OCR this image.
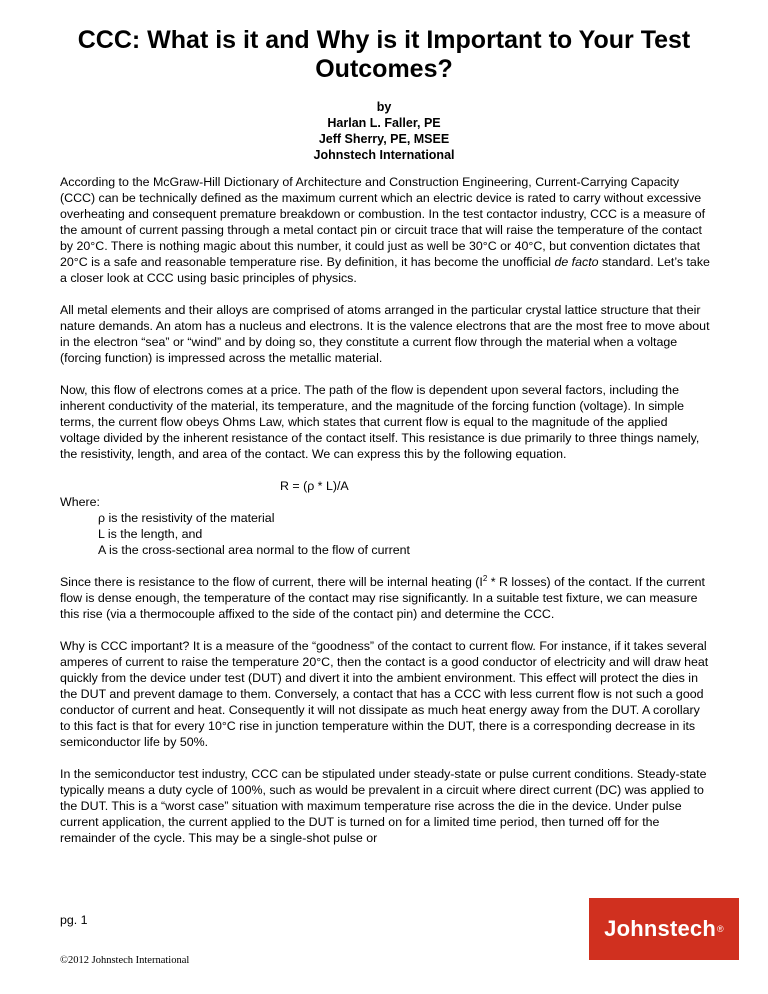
CCC: What is it and Why is it Important to Your Test Outcomes?
by
Harlan L. Faller, PE
Jeff Sherry, PE, MSEE
Johnstech International

According to the McGraw-Hill Dictionary of Architecture and Construction Engineering, Current-Carrying Capacity (CCC) can be technically defined as the maximum current which an electric device is rated to carry without excessive overheating and consequent premature breakdown or combustion. In the test contactor industry, CCC is a measure of the amount of current passing through a metal contact pin or circuit trace that will raise the temperature of the contact by 20°C. There is nothing magic about this number, it could just as well be 30°C or 40°C, but convention dictates that 20°C is a safe and reasonable temperature rise. By definition, it has become the unofficial de facto standard. Let’s take a closer look at CCC using basic principles of physics.

All metal elements and their alloys are comprised of atoms arranged in the particular crystal lattice structure that their nature demands. An atom has a nucleus and electrons. It is the valence electrons that are the most free to move about in the electron “sea” or “wind” and by doing so, they constitute a current flow through the material when a voltage (forcing function) is impressed across the metallic material.

Now, this flow of electrons comes at a price. The path of the flow is dependent upon several factors, including the inherent conductivity of the material, its temperature, and the magnitude of the forcing function (voltage). In simple terms, the current flow obeys Ohms Law, which states that current flow is equal to the magnitude of the applied voltage divided by the inherent resistance of the contact itself. This resistance is due primarily to three things namely, the resistivity, length, and area of the contact. We can express this by the following equation.

R = (ρ * L)/A
Where:
ρ is the resistivity of the material
L is the length, and
A is the cross-sectional area normal to the flow of current

Since there is resistance to the flow of current, there will be internal heating ($I^2$ * R losses) of the contact. If the current flow is dense enough, the temperature of the contact may rise significantly. In a suitable test fixture, we can measure this rise (via a thermocouple affixed to the side of the contact pin) and determine the CCC.

Why is CCC important? It is a measure of the “goodness” of the contact to current flow. For instance, if it takes several amperes of current to raise the temperature 20°C, then the contact is a good conductor of electricity and will draw heat quickly from the device under test (DUT) and divert it into the ambient environment. This effect will protect the dies in the DUT and prevent damage to them. Conversely, a contact that has a CCC with less current flow is not such a good conductor of current and heat. Consequently it will not dissipate as much heat energy away from the DUT. A corollary to this fact is that for every 10°C rise in junction temperature within the DUT, there is a corresponding decrease in its semiconductor life by 50%.

In the semiconductor test industry, CCC can be stipulated under steady-state or pulse current conditions. Steady-state typically means a duty cycle of 100%, such as would be prevalent in a circuit where direct current (DC) was applied to the DUT. This is a “worst case” situation with maximum temperature rise across the die in the device. Under pulse current application, the current applied to the DUT is turned on for a limited time period, then turned off for the remainder of the cycle. This may be a single-shot pulse or

pg. 1
©2012 Johnstech International
Johnstech ®
